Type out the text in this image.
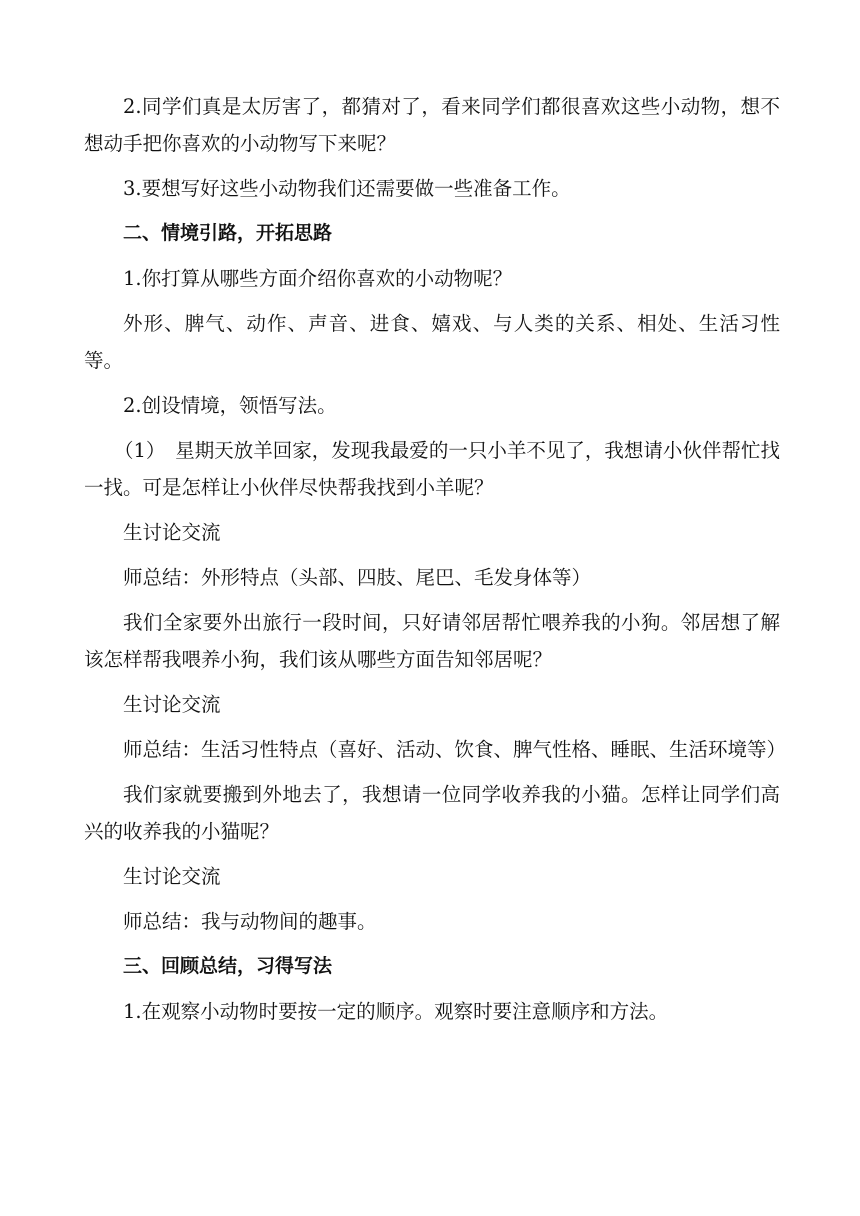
2.同学们真是太厉害了，都猜对了，看来同学们都很喜欢这些小动物，想不想动手把你喜欢的小动物写下来呢？

3.要想写好这些小动物我们还需要做一些准备工作。

二、情境引路，开拓思路

1.你打算从哪些方面介绍你喜欢的小动物呢？

外形、脾气、动作、声音、进食、嬉戏、与人类的关系、相处、生活习性等。

2.创设情境，领悟写法。

（1）　星期天放羊回家，发现我最爱的一只小羊不见了，我想请小伙伴帮忙找一找。可是怎样让小伙伴尽快帮我找到小羊呢？

生讨论交流

师总结：外形特点（头部、四肢、尾巴、毛发身体等）

我们全家要外出旅行一段时间，只好请邻居帮忙喂养我的小狗。邻居想了解该怎样帮我喂养小狗，我们该从哪些方面告知邻居呢？

生讨论交流

师总结：生活习性特点（喜好、活动、饮食、脾气性格、睡眠、生活环境等）

我们家就要搬到外地去了，我想请一位同学收养我的小猫。怎样让同学们高兴的收养我的小猫呢？

生讨论交流

师总结：我与动物间的趣事。

三、回顾总结，习得写法

1.在观察小动物时要按一定的顺序。观察时要注意顺序和方法。
